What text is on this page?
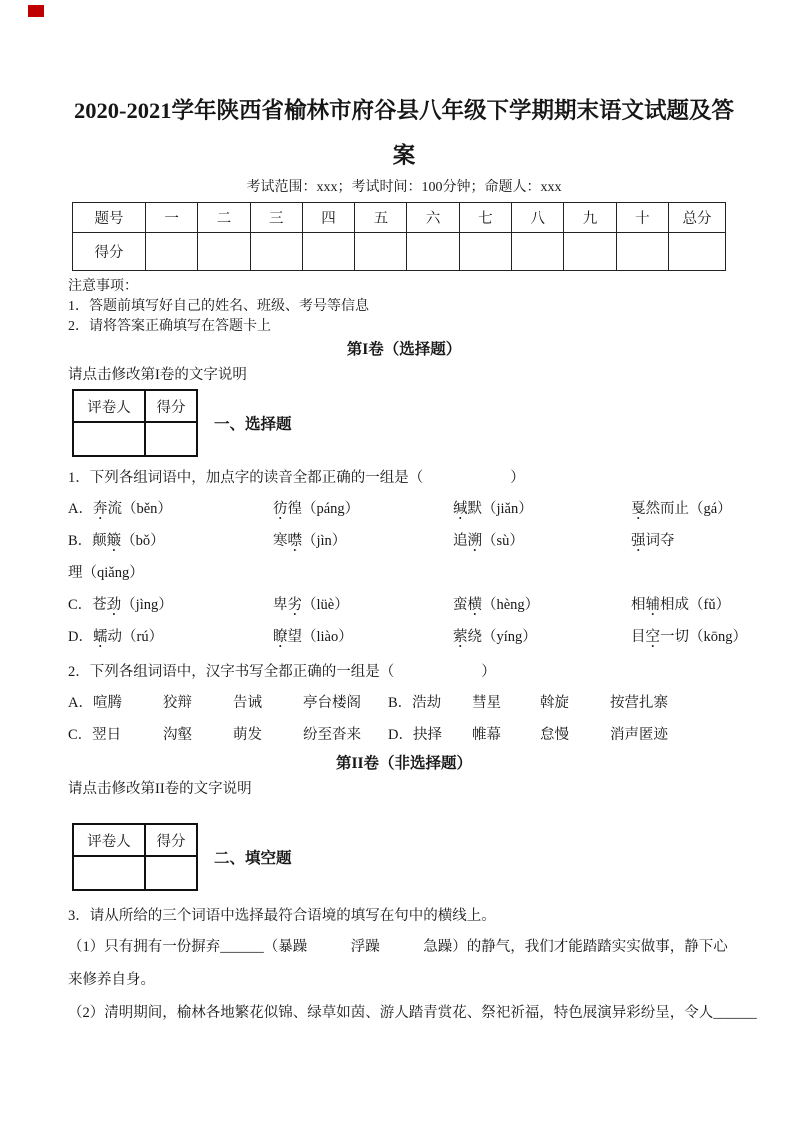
2020-2021学年陕西省榆林市府谷县八年级下学期期末语文试题及答案
考试范围：xxx；考试时间：100分钟；命题人：xxx
题号	一	二	三	四	五	六	七	八	九	十	总分
得分											
注意事项：
1．答题前填写好自己的姓名、班级、考号等信息
2．请将答案正确填写在答题卡上
第I卷（选择题）
请点击修改第I卷的文字说明
评卷人	得分

一、选择题

1．下列各组词语中，加点字的读音全都正确的一组是（　　　　　　）

A．奔流（běn）	彷徨（páng）	缄默（jiǎn）	戛然而止（gá）
B．颠簸（bǒ）	寒噤（jìn）	追溯（sù）	强词夺
理（qiǎng）
C．苍劲（jìng）	卑劣（lüè）	蛮横（hèng）	相辅相成（fǔ）
D．蠕动（rú）	瞭望（liào）	萦绕（yíng）	目空一切（kōng）

2．下列各组词语中，汉字书写全都正确的一组是（　　　　　　）

A．喧腾	狡辩	告诫	亭台楼阁	B．浩劫	彗星	斡旋	按营扎寨
C．翌日	沟壑	萌发	纷至沓来	D．抉择	帷幕	怠慢	消声匿迹
第II卷（非选择题）
请点击修改第II卷的文字说明
评卷人	得分

二、填空题

3．请从所给的三个词语中选择最符合语境的填写在句中的横线上。

（1）只有拥有一份摒弃______（暴躁　　　浮躁　　　急躁）的静气，我们才能踏踏实实做事，静下心

来修养自身。

（2）清明期间，榆林各地繁花似锦、绿草如茵、游人踏青赏花、祭祀祈福，特色展演异彩纷呈，令人______
